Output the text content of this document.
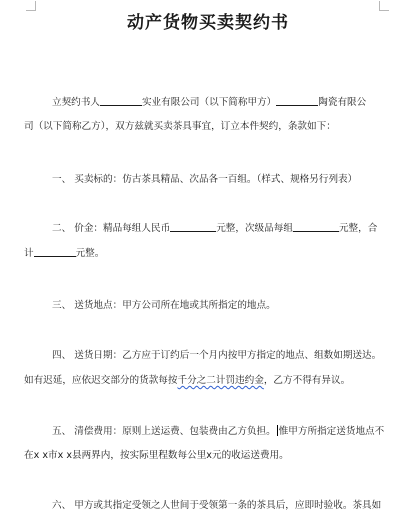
动产货物买卖契约书
立契约书人	实业有限公司（以下简称甲方）	陶瓷有限公
司（以下简称乙方），双方兹就买卖茶具事宜，订立本件契约，条款如下：
一、 买卖标的：仿古茶具精品、次品各一百组。（样式、规格另行列表）
二、 价金：精品每组人民币	元整，次级品每组	元整，合
计	元整。
三、 送货地点：甲方公司所在地或其所指定的地点。
四、 送货日期：乙方应于订约后一个月内按甲方指定的地点、组数如期送达。
如有迟延，应依迟交部分的货款每按千分之二计罚违约金，乙方不得有异议。
五、 清偿费用：原则上送运费、包装费由乙方负担。 惟甲方所指定送货地点不
在x x市x x县两界内，按实际里程数每公里x元的收运送费用。
六、 甲方或其指定受领之人世间于受领第一条的茶具后，应即时验收。茶具如
